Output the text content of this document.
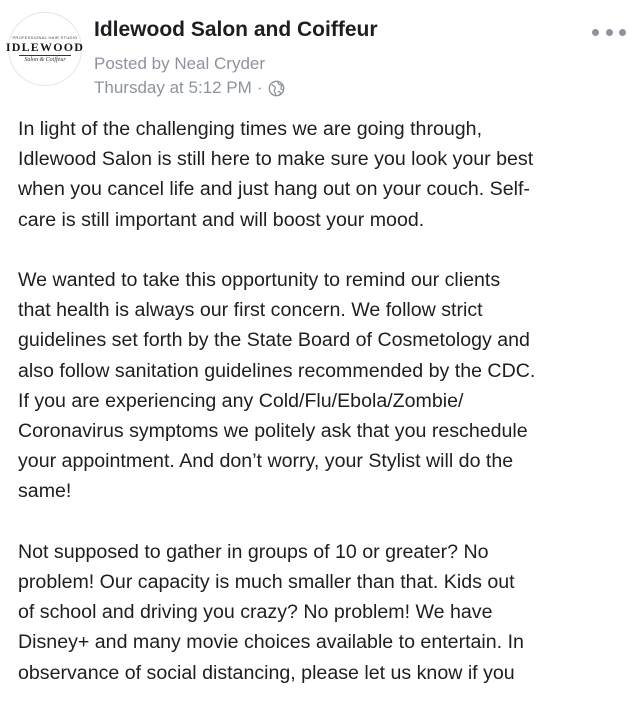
PROFESSIONAL HAIR STUDIO
IDLEWOOD
Salon & Coiffeur
Idlewood Salon and Coiffeur
Posted by Neal Cryder
Thursday at 5:12 PM ·

In light of the challenging times we are going through,
Idlewood Salon is still here to make sure you look your best
when you cancel life and just hang out on your couch. Self-
care is still important and will boost your mood.

We wanted to take this opportunity to remind our clients
that health is always our first concern. We follow strict
guidelines set forth by the State Board of Cosmetology and
also follow sanitation guidelines recommended by the CDC.
If you are experiencing any Cold/Flu/Ebola/Zombie/
Coronavirus symptoms we politely ask that you reschedule
your appointment. And don’t worry, your Stylist will do the
same!

Not supposed to gather in groups of 10 or greater? No
problem! Our capacity is much smaller than that. Kids out
of school and driving you crazy? No problem! We have
Disney+ and many movie choices available to entertain. In
observance of social distancing, please let us know if you
